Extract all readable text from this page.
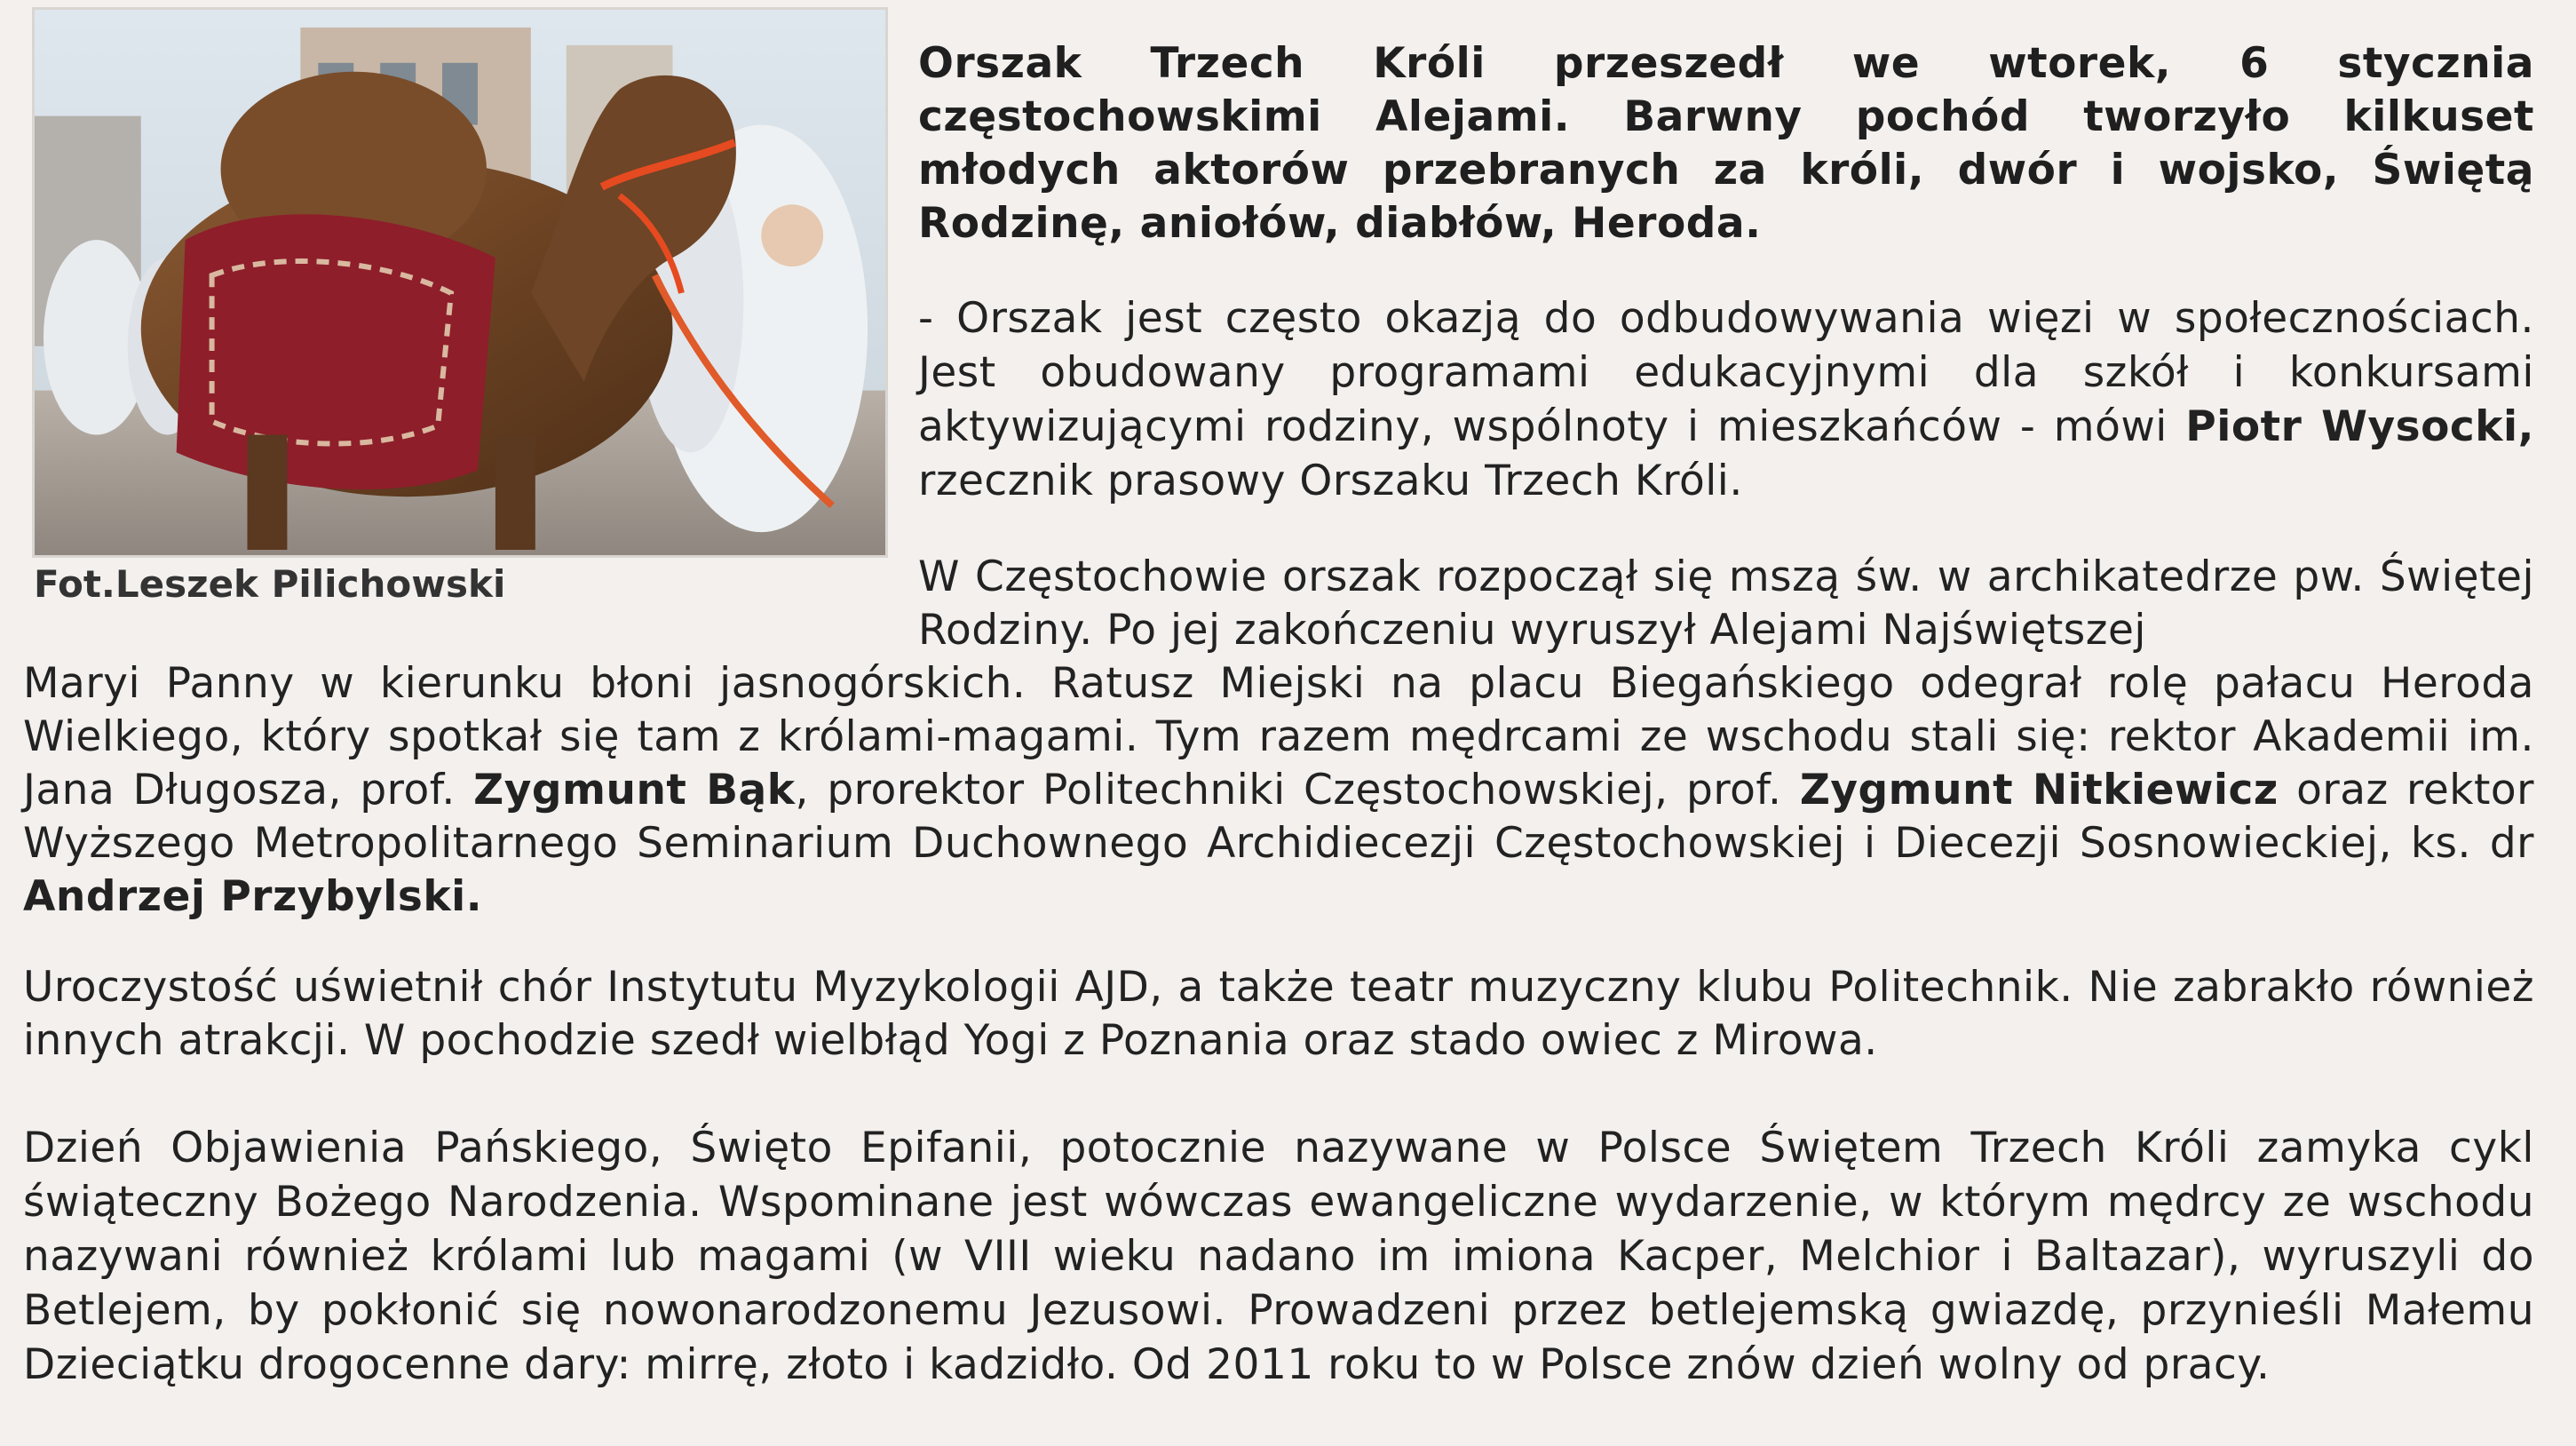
Fot.Leszek Pilichowski

Orszak Trzech Króli przeszedł we wtorek, 6 stycznia częstochowskimi Alejami. Barwny pochód tworzyło kilkuset młodych aktorów przebranych za króli, dwór i wojsko, Świętą Rodzinę, aniołów, diabłów, Heroda.

- Orszak jest często okazją do odbudowywania więzi w społecznościach. Jest obudowany programami edukacyjnymi dla szkół i konkursami aktywizującymi rodziny, wspólnoty i mieszkańców - mówi Piotr Wysocki, rzecznik prasowy Orszaku Trzech Króli.

W Częstochowie orszak rozpoczął się mszą św. w archikatedrze pw. Świętej Rodziny. Po jej zakończeniu wyruszył Alejami Najświętszej

Maryi Panny w kierunku błoni jasnogórskich. Ratusz Miejski na placu Biegańskiego odegrał rolę pałacu Heroda Wielkiego, który spotkał się tam z królami-magami. Tym razem mędrcami ze wschodu stali się: rektor Akademii im. Jana Długosza, prof. Zygmunt Bąk, prorektor Politechniki Częstochowskiej, prof. Zygmunt Nitkiewicz oraz rektor Wyższego Metropolitarnego Seminarium Duchownego Archidiecezji Częstochowskiej i Diecezji Sosnowieckiej, ks. dr Andrzej Przybylski.

Uroczystość uświetnił chór Instytutu Myzykologii AJD, a także teatr muzyczny klubu Politechnik. Nie zabrakło również innych atrakcji. W pochodzie szedł wielbłąd Yogi z Poznania oraz stado owiec z Mirowa.

Dzień Objawienia Pańskiego, Święto Epifanii, potocznie nazywane w Polsce Świętem Trzech Króli zamyka cykl świąteczny Bożego Narodzenia. Wspominane jest wówczas ewangeliczne wydarzenie, w którym mędrcy ze wschodu nazywani również królami lub magami (w VIII wieku nadano im imiona Kacper, Melchior i Baltazar), wyruszyli do Betlejem, by pokłonić się nowonarodzonemu Jezusowi. Prowadzeni przez betlejemską gwiazdę, przynieśli Małemu Dzieciątku drogocenne dary: mirrę, złoto i kadzidło. Od 2011 roku to w Polsce znów dzień wolny od pracy.
